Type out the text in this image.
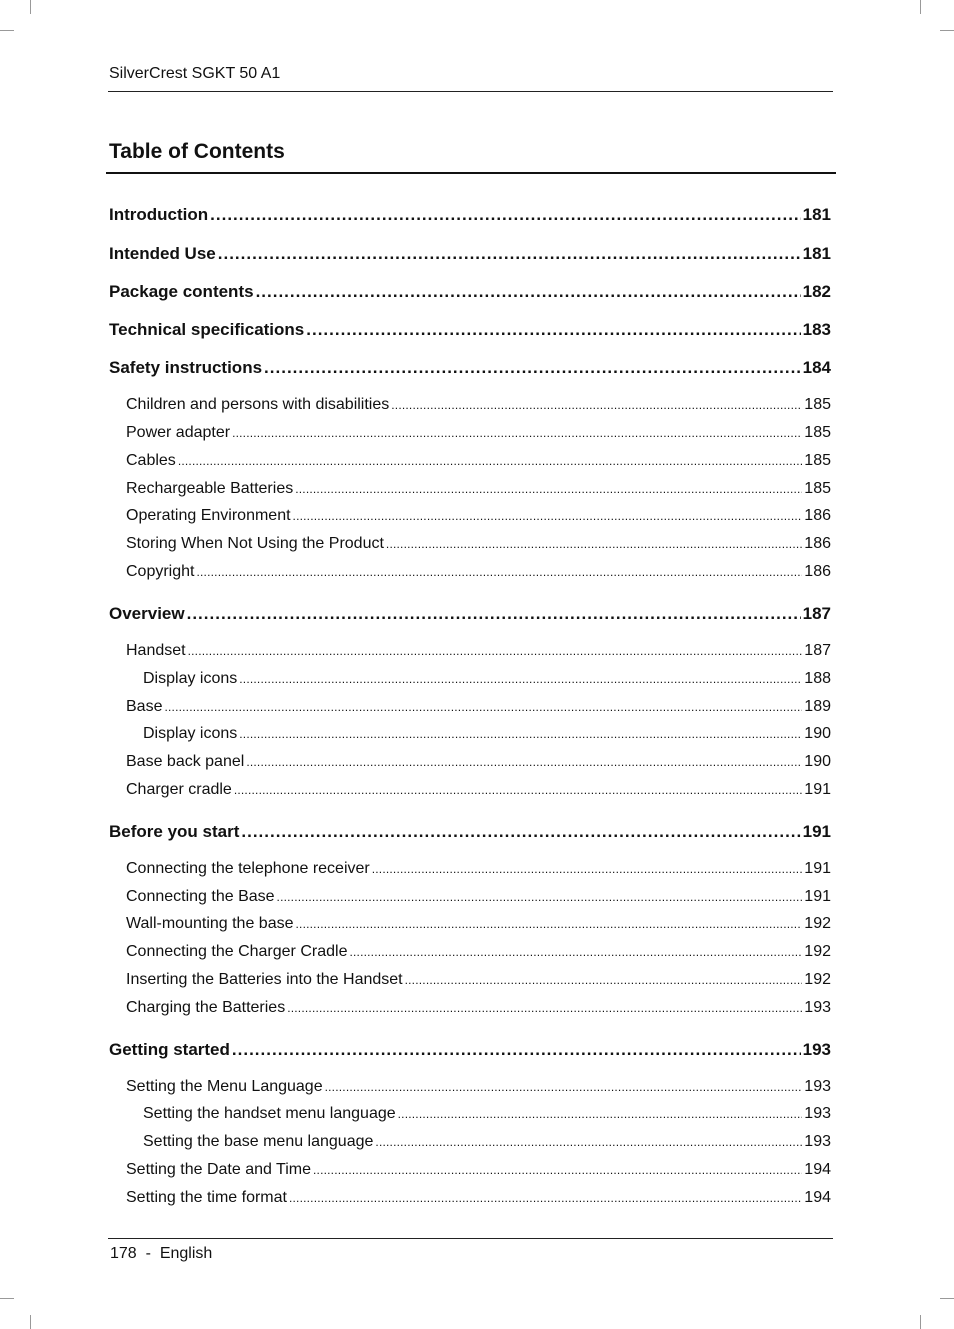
SilverCrest SGKT 50 A1
Table of Contents
Introduction .....	181
Intended Use .....	181
Package contents .....	182
Technical specifications .....	183
Safety instructions .....	184
Children and persons with disabilities .....	185
Power adapter .....	185
Cables .....	185
Rechargeable Batteries .....	185
Operating Environment .....	186
Storing When Not Using the Product .....	186
Copyright .....	186
Overview .....	187
Handset .....	187
Display icons .....	188
Base .....	189
Display icons .....	190
Base back panel .....	190
Charger cradle .....	191
Before you start .....	191
Connecting the telephone receiver .....	191
Connecting the Base .....	191
Wall-mounting the base .....	192
Connecting the Charger Cradle .....	192
Inserting the Batteries into the Handset .....	192
Charging the Batteries .....	193
Getting started .....	193
Setting the Menu Language .....	193
Setting the handset menu language .....	193
Setting the base menu language .....	193
Setting the Date and Time .....	194
Setting the time format .....	194
178 - English
